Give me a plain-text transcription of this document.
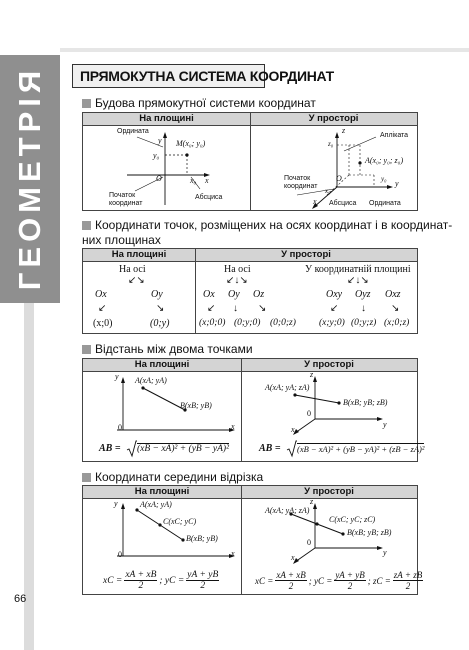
ГЕОМЕТРІЯ
66
ПРЯМОКУТНА СИСТЕМА КООРДИНАТ
Будова прямокутної системи координат
На площині	У просторі
Ордината
y M(x₀; y₀)
y₀
O	x₀ x
Початок координат
Абсциса
z
Апліката
z₀
A(x₀; y₀; z₀)
O	y₀ y
Початок координат
x₀
x Абсциса Ордината
Координати точок, розміщених на осях координат і в координат-
них площинах
На площині	У просторі
На осі
↙↘
Ox	Oy
↙	↘
(x;0)	(0;y)
На осі
↙↓↘
Ox Oy Oz
↙ ↓ ↘
(x;0;0) (0;y;0) (0;0;z)
У координатній площині
↙↓↘
Oxy Oyz Oxz
↙ ↓	↘
(x;y;0) (0;y;z) (x;0;z)
Відстань між двома точками
На площині	У просторі
y A(xA; yA)
B(xB; yB)
0	x
AB = (xB − xA)² + (yB − yA)²
z
A(xA; yA; zA)
B(xB; yB; zB)
0
y
x
AB = (xB − xA)² + (yB − yA)² + (zB − zA)²
Координати середини відрізка
На площині	У просторі
y	A(xA; yA)
C(xC; yC)
B(xB; yB)
0	x
xC = $\frac{xA + xB}{2}$ ; yC = $\frac{yA + yB}{2}$
z
A(xA; yA; zA)
C(xC; yC; zC)
B(xB; yB; zB)
0
y
x
xC = $\frac{xA + xB}{2}$ ; yC = $\frac{yA + yB}{2}$ ; zC = $\frac{zA + zB}{2}$
